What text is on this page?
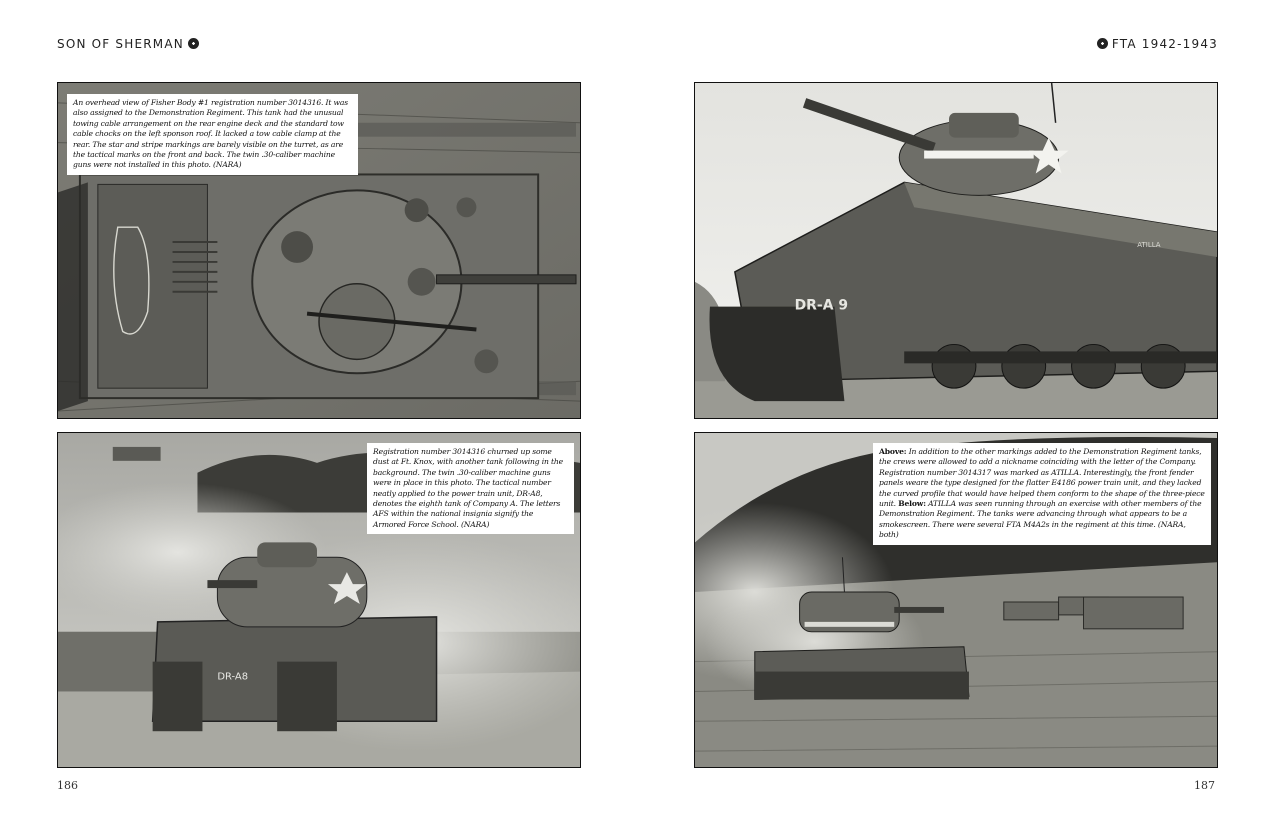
SON OF SHERMAN
An overhead view of Fisher Body #1 registration number 3014316. It was also assigned to the Demonstration Regiment. This tank had the unusual towing cable arrangement on the rear engine deck and the standard tow cable chocks on the left sponson roof. It lacked a tow cable clamp at the rear. The star and stripe markings are barely visible on the turret, as are the tactical marks on the front and back. The twin .30-caliber machine guns were not installed in this photo. (NARA)
DR-A8
Registration number 3014316 churned up some dust at Ft. Knox, with another tank following in the background. The twin .30-caliber machine guns were in place in this photo. The tactical number neatly applied to the power train unit, DR-A8, denotes the eighth tank of Company A. The letters AFS within the national insignia signify the Armored Force School. (NARA)
186
FTA 1942-1943
DR-A 9
ATILLA
Above: In addition to the other markings added to the Demonstration Regiment tanks, the crews were allowed to add a nickname coinciding with the letter of the Company. Registration number 3014317 was marked as ATILLA. Interestingly, the front fender panels weare the type designed for the flatter E4186 power train unit, and they lacked the curved profile that would have helped them conform to the shape of the three-piece unit. Below: ATILLA was seen running through an exercise with other members of the Demonstration Regiment. The tanks were advancing through what appears to be a smokescreen. There were several FTA M4A2s in the regiment at this time. (NARA, both)
187
